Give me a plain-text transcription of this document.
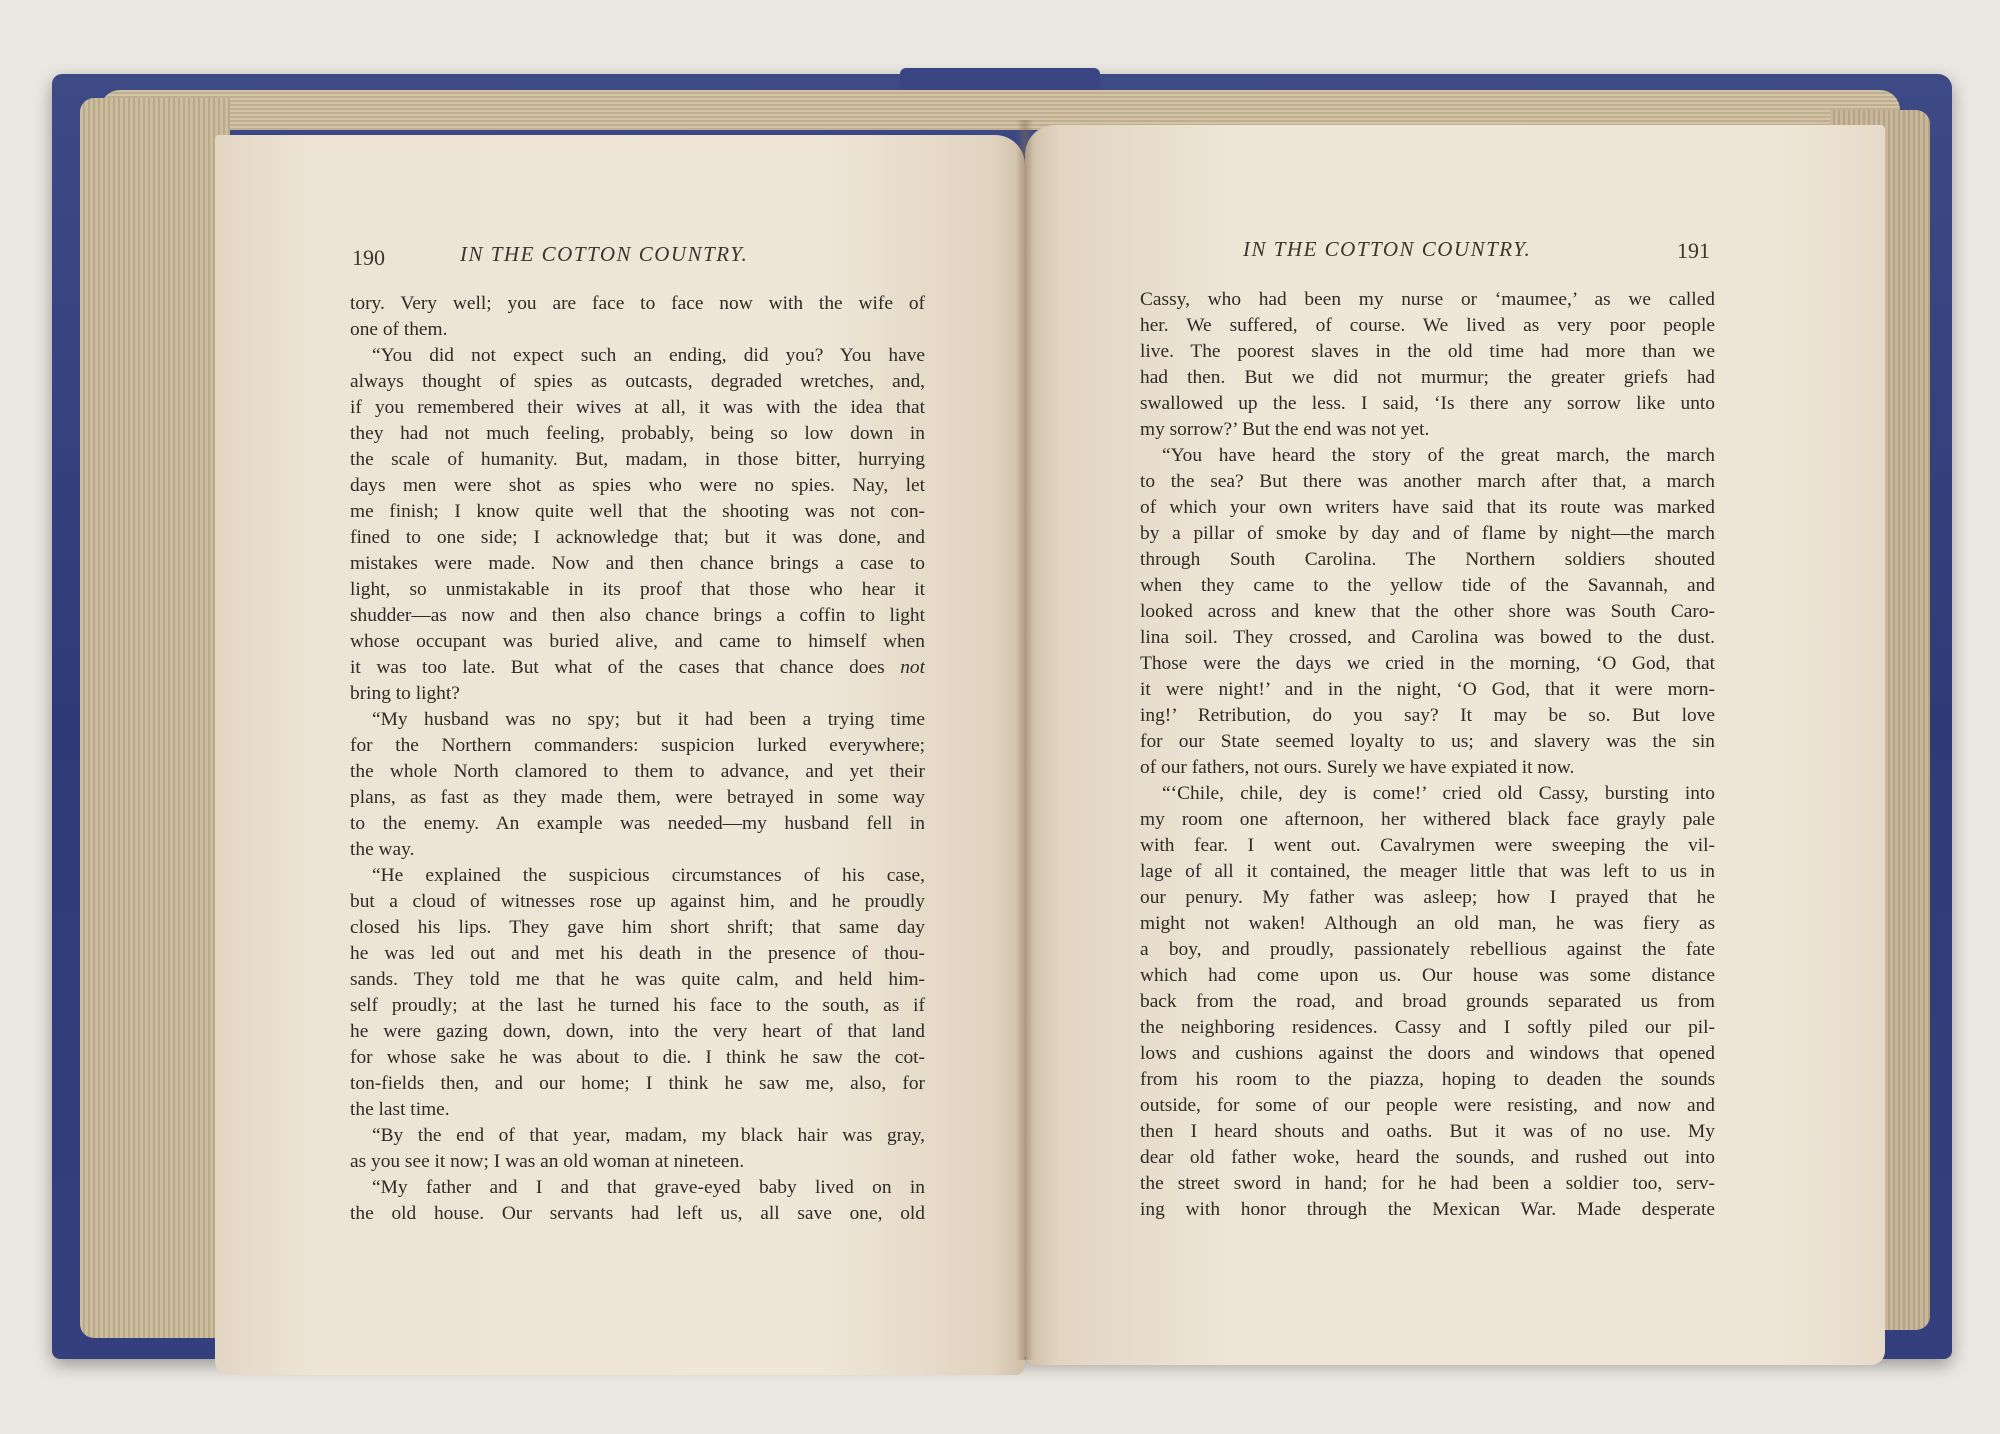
190	IN THE COTTON COUNTRY.	IN THE COTTON COUNTRY.	191
tory. Very well; you are face to face now with the wife of
one of them.
“You did not expect such an ending, did you? You have
always thought of spies as outcasts, degraded wretches, and,
if you remembered their wives at all, it was with the idea that
they had not much feeling, probably, being so low down in
the scale of humanity. But, madam, in those bitter, hurrying
days men were shot as spies who were no spies. Nay, let
me finish; I know quite well that the shooting was not con-
fined to one side; I acknowledge that; but it was done, and
mistakes were made. Now and then chance brings a case to
light, so unmistakable in its proof that those who hear it
shudder—as now and then also chance brings a coffin to light
whose occupant was buried alive, and came to himself when
it was too late. But what of the cases that chance does not
bring to light?
“My husband was no spy; but it had been a trying time
for the Northern commanders: suspicion lurked everywhere;
the whole North clamored to them to advance, and yet their
plans, as fast as they made them, were betrayed in some way
to the enemy. An example was needed—my husband fell in
the way.
“He explained the suspicious circumstances of his case,
but a cloud of witnesses rose up against him, and he proudly
closed his lips. They gave him short shrift; that same day
he was led out and met his death in the presence of thou-
sands. They told me that he was quite calm, and held him-
self proudly; at the last he turned his face to the south, as if
he were gazing down, down, into the very heart of that land
for whose sake he was about to die. I think he saw the cot-
ton-fields then, and our home; I think he saw me, also, for
the last time.
“By the end of that year, madam, my black hair was gray,
as you see it now; I was an old woman at nineteen.
“My father and I and that grave-eyed baby lived on in
the old house. Our servants had left us, all save one, old
Cassy, who had been my nurse or ‘maumee,’ as we called
her. We suffered, of course. We lived as very poor people
live. The poorest slaves in the old time had more than we
had then. But we did not murmur; the greater griefs had
swallowed up the less. I said, ‘Is there any sorrow like unto
my sorrow?’ But the end was not yet.
“You have heard the story of the great march, the march
to the sea? But there was another march after that, a march
of which your own writers have said that its route was marked
by a pillar of smoke by day and of flame by night—the march
through South Carolina. The Northern soldiers shouted
when they came to the yellow tide of the Savannah, and
looked across and knew that the other shore was South Caro-
lina soil. They crossed, and Carolina was bowed to the dust.
Those were the days we cried in the morning, ‘O God, that
it were night!’ and in the night, ‘O God, that it were morn-
ing!’ Retribution, do you say? It may be so. But love
for our State seemed loyalty to us; and slavery was the sin
of our fathers, not ours. Surely we have expiated it now.
“‘Chile, chile, dey is come!’ cried old Cassy, bursting into
my room one afternoon, her withered black face grayly pale
with fear. I went out. Cavalrymen were sweeping the vil-
lage of all it contained, the meager little that was left to us in
our penury. My father was asleep; how I prayed that he
might not waken! Although an old man, he was fiery as
a boy, and proudly, passionately rebellious against the fate
which had come upon us. Our house was some distance
back from the road, and broad grounds separated us from
the neighboring residences. Cassy and I softly piled our pil-
lows and cushions against the doors and windows that opened
from his room to the piazza, hoping to deaden the sounds
outside, for some of our people were resisting, and now and
then I heard shouts and oaths. But it was of no use. My
dear old father woke, heard the sounds, and rushed out into
the street sword in hand; for he had been a soldier too, serv-
ing with honor through the Mexican War. Made desperate
